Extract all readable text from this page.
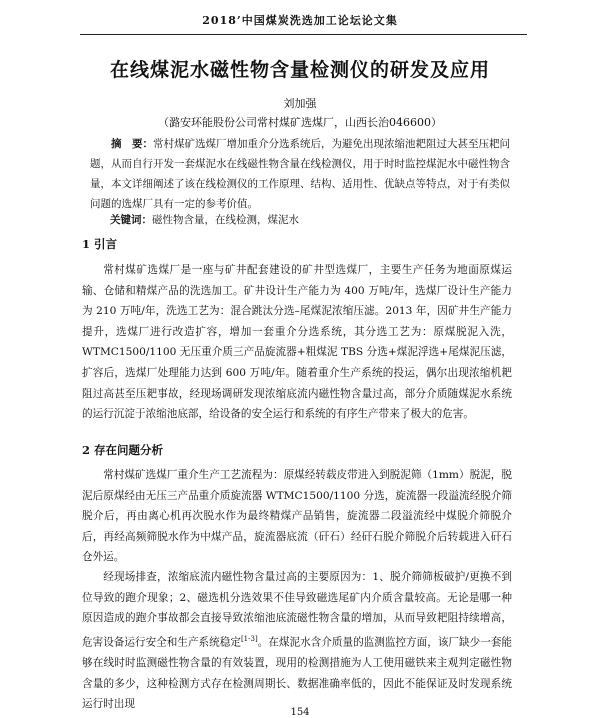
2018’中国煤炭洗选加工论坛论文集
在线煤泥水磁性物含量检测仪的研发及应用
刘加强
（潞安环能股份公司常村煤矿选煤厂，山西长治046600）
摘　要：常村煤矿选煤厂增加重介分选系统后，为避免出现浓缩池耙阻过大甚至压耙问题，从而自行开发一套煤泥水在线磁性物含量在线检测仪，用于时时监控煤泥水中磁性物含量，本文详细阐述了该在线检测仪的工作原理、结构、适用性、优缺点等特点，对于有类似问题的选煤厂具有一定的参考价值。
关键词：磁性物含量，在线检测，煤泥水
1 引言

常村煤矿选煤厂是一座与矿井配套建设的矿井型选煤厂，主要生产任务为地面原煤运输、仓储和精煤产品的洗选加工。矿井设计生产能力为 400 万吨/年，选煤厂设计生产能力为 210 万吨/年，洗选工艺为：混合跳汰分选–尾煤泥浓缩压滤。2013 年，因矿井生产能力提升，选煤厂进行改造扩容，增加一套重介分选系统，其分选工艺为：原煤脱泥入洗，WTMC1500/1100 无压重介质三产品旋流器+粗煤泥 TBS 分选+煤泥浮选+尾煤泥压滤，扩容后，选煤厂处理能力达到 600 万吨/年。随着重介生产系统的投运，偶尔出现浓缩机耙阻过高甚至压耙事故，经现场调研发现浓缩底流内磁性物含量过高，部分介质随煤泥水系统的运行沉淀于浓缩池底部，给设备的安全运行和系统的有序生产带来了极大的危害。

2 存在问题分析

常村煤矿选煤厂重介生产工艺流程为：原煤经转载皮带进入到脱泥筛（1mm）脱泥，脱泥后原煤经由无压三产品重介质旋流器 WTMC1500/1100 分选，旋流器一段溢流经脱介筛脱介后，再由离心机再次脱水作为最终精煤产品销售，旋流器二段溢流经中煤脱介筛脱介后，再经高频筛脱水作为中煤产品，旋流器底流（矸石）经矸石脱介筛脱介后转载进入矸石仓外运。

经现场排查，浓缩底流内磁性物含量过高的主要原因为：1、脱介筛筛板破护/更换不到位导致的跑介现象；2、磁选机分选效果不佳导致磁选尾矿内介质含量较高。无论是哪一种原因造成的跑介事故都会直接导致浓缩池底流磁性物含量的增加，从而导致耙阻持续增高，危害设备运行安全和生产系统稳定[1-3]。在煤泥水含介质量的监测监控方面，该厂缺少一套能够在线时时监测磁性物含量的有效装置，现用的检测措施为人工使用磁铁来主观判定磁性物含量的多少，这种检测方式存在检测周期长、数据准确率低的，因此不能保证及时发现系统运行时出现

154
